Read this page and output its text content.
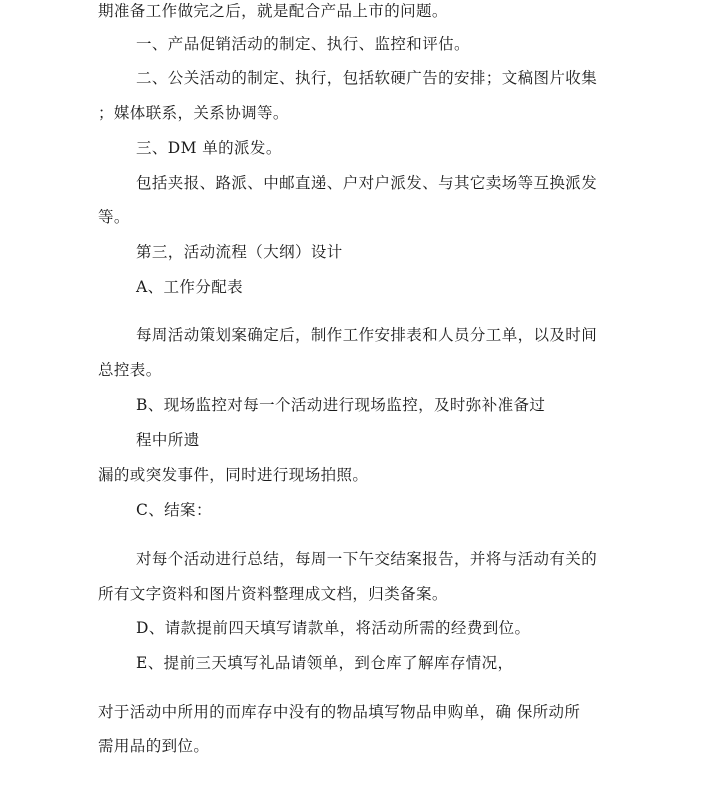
期准备工作做完之后，就是配合产品上市的问题。
一、产品促销活动的制定、执行、监控和评估。
二、公关活动的制定、执行，包括软硬广告的安排；文稿图片收集
；媒体联系，关系协调等。
三、DM 单的派发。
包括夹报、路派、中邮直递、户对户派发、与其它卖场等互换派发
等。
第三，活动流程（大纲）设计
A、工作分配表
每周活动策划案确定后，制作工作安排表和人员分工单，以及时间
总控表。
B、现场监控对每一个活动进行现场监控，及时弥补准备过
程中所遗
漏的或突发事件，同时进行现场拍照。
C、结案：
对每个活动进行总结，每周一下午交结案报告，并将与活动有关的
所有文字资料和图片资料整理成文档，归类备案。
D、请款提前四天填写请款单，将活动所需的经费到位。
E、提前三天填写礼品请领单，到仓库了解库存情况，
对于活动中所用的而库存中没有的物品填写物品申购单，确 保所动所
需用品的到位。
